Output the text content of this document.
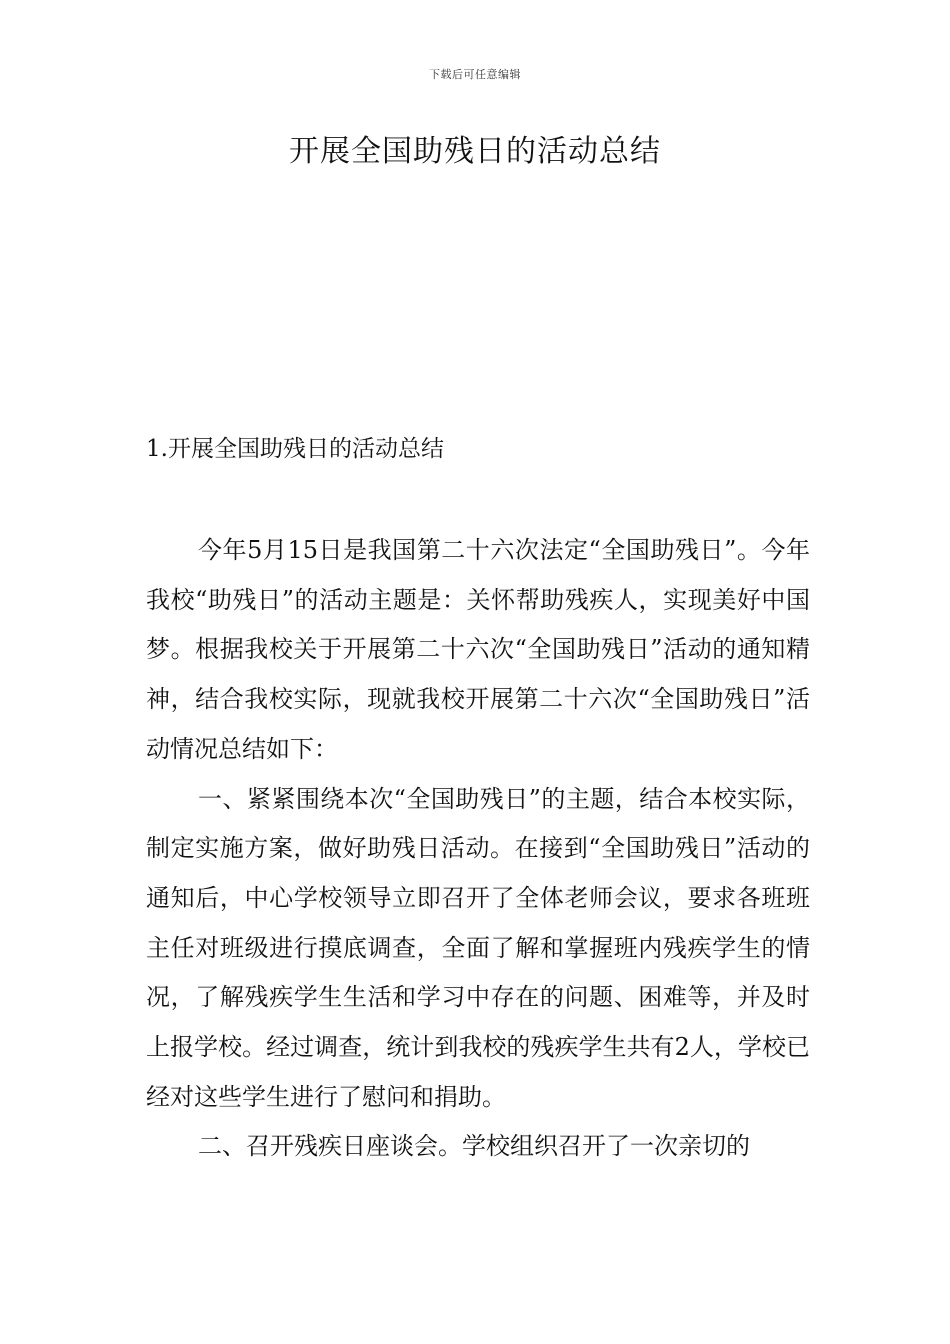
下载后可任意编辑
开展全国助残日的活动总结
1.开展全国助残日的活动总结

今年5月15日是我国第二十六次法定“全国助残日”。今年我校“助残日”的活动主题是：关怀帮助残疾人，实现美好中国梦。根据我校关于开展第二十六次“全国助残日”活动的通知精神，结合我校实际，现就我校开展第二十六次“全国助残日”活动情况总结如下：

一、紧紧围绕本次“全国助残日”的主题，结合本校实际，制定实施方案，做好助残日活动。在接到“全国助残日”活动的通知后，中心学校领导立即召开了全体老师会议，要求各班班主任对班级进行摸底调查，全面了解和掌握班内残疾学生的情况，了解残疾学生生活和学习中存在的问题、困难等，并及时上报学校。经过调查，统计到我校的残疾学生共有2人，学校已经对这些学生进行了慰问和捐助。

二、召开残疾日座谈会。学校组织召开了一次亲切的
